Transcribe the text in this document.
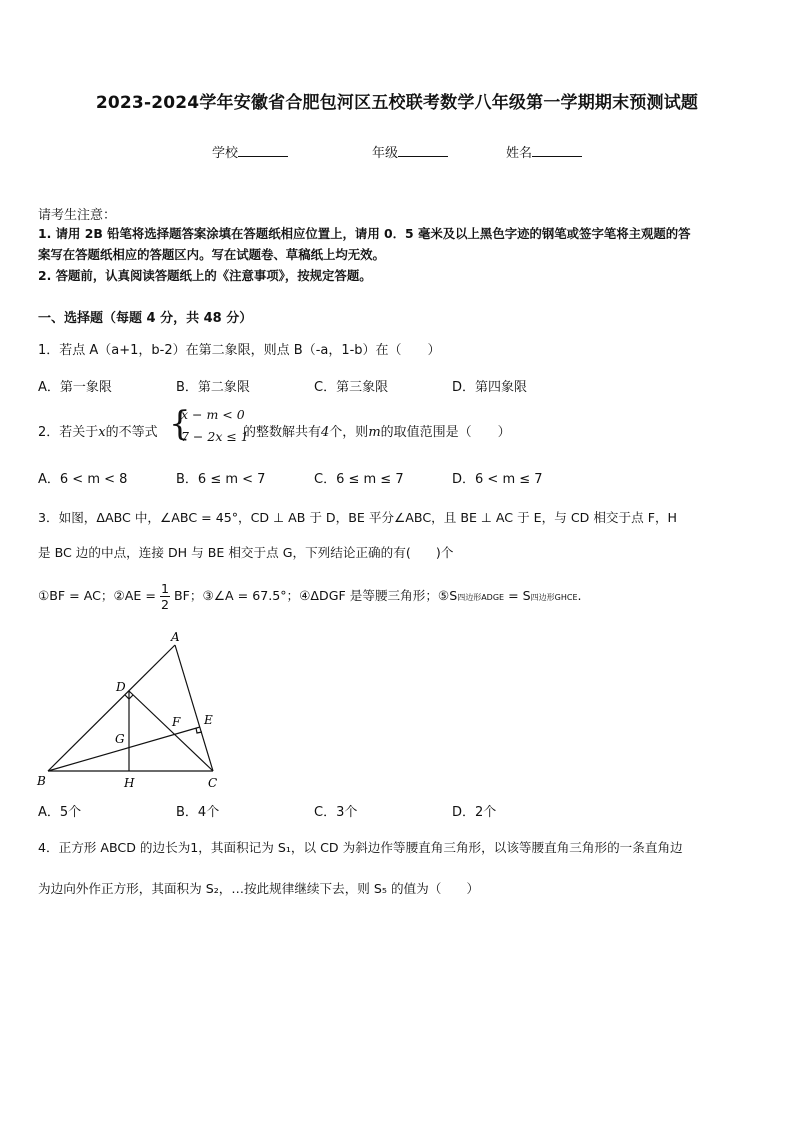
2023-2024学年安徽省合肥包河区五校联考数学八年级第一学期期末预测试题
学校	年级	姓名
请考生注意：
1. 请用 2B 铅笔将选择题答案涂填在答题纸相应位置上，请用 0．5 毫米及以上黑色字迹的钢笔或签字笔将主观题的答
案写在答题纸相应的答题区内。写在试题卷、草稿纸上均无效。
2. 答题前，认真阅读答题纸上的《注意事项》，按规定答题。
一、选择题（每题 4 分，共 48 分）
1．若点 A（a+1，b-2）在第二象限，则点 B（-a，1-b）在（　　）
A．第一象限	B．第二象限	C．第三象限	D．第四象限
2．若关于x的不等式 {
x − m < 0
7 − 2x ≤ 1
的整数解共有4个，则m的取值范围是（　　）
A．6 < m < 8	B．6 ≤ m < 7	C．6 ≤ m ≤ 7	D．6 < m ≤ 7
3．如图，ΔABC 中，∠ABC = 45°，CD ⊥ AB 于 D，BE 平分∠ABC，且 BE ⊥ AC 于 E，与 CD 相交于点 F，H
是 BC 边的中点，连接 DH 与 BE 相交于点 G，下列结论正确的有(　　)个
①BF = AC；②AE = $\frac{1}{2}$ BF；③∠A = 67.5°；④ΔDGF 是等腰三角形；⑤S四边形ADGE = S四边形GHCE.
A
D
E
F
G
B	H	C
A．5个	B．4个	C．3个	D．2个
4．正方形 ABCD 的边长为1，其面积记为 S₁，以 CD 为斜边作等腰直角三角形，以该等腰直角三角形的一条直角边
为边向外作正方形，其面积为 S₂，…按此规律继续下去，则 S₅ 的值为（　　）
